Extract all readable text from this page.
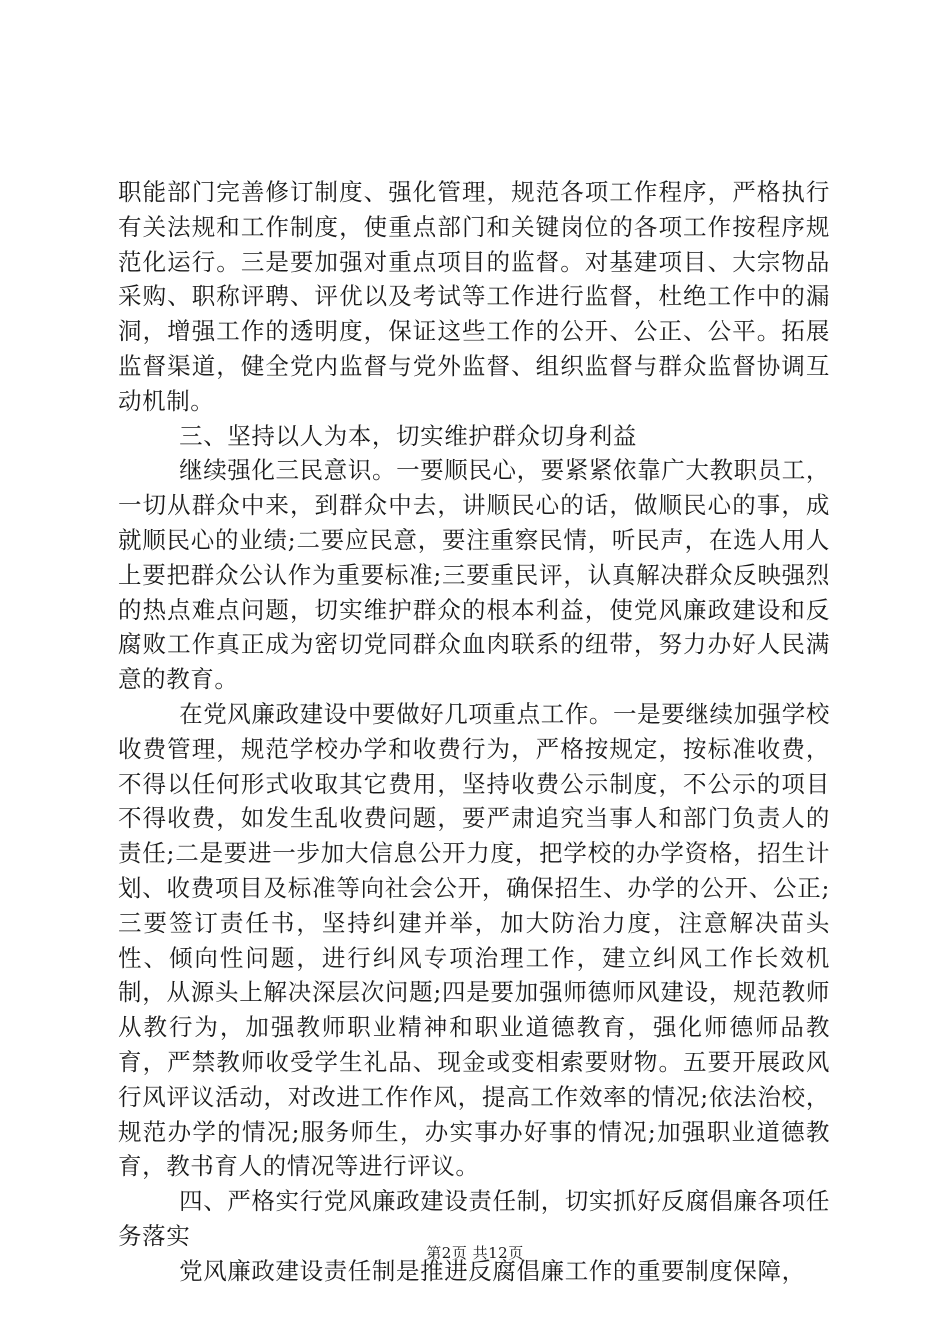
职能部门完善修订制度、强化管理，规范各项工作程序，严格执行有关法规和工作制度，使重点部门和关键岗位的各项工作按程序规范化运行。三是要加强对重点项目的监督。对基建项目、大宗物品采购、职称评聘、评优以及考试等工作进行监督，杜绝工作中的漏洞，增强工作的透明度，保证这些工作的公开、公正、公平。拓展监督渠道，健全党内监督与党外监督、组织监督与群众监督协调互动机制。

三、坚持以人为本，切实维护群众切身利益

继续强化三民意识。一要顺民心，要紧紧依靠广大教职员工，一切从群众中来，到群众中去，讲顺民心的话，做顺民心的事，成就顺民心的业绩;二要应民意，要注重察民情，听民声，在选人用人上要把群众公认作为重要标准;三要重民评，认真解决群众反映强烈的热点难点问题，切实维护群众的根本利益，使党风廉政建设和反腐败工作真正成为密切党同群众血肉联系的纽带，努力办好人民满意的教育。

在党风廉政建设中要做好几项重点工作。一是要继续加强学校收费管理，规范学校办学和收费行为，严格按规定，按标准收费，不得以任何形式收取其它费用，坚持收费公示制度，不公示的项目不得收费，如发生乱收费问题，要严肃追究当事人和部门负责人的责任;二是要进一步加大信息公开力度，把学校的办学资格，招生计划、收费项目及标准等向社会公开，确保招生、办学的公开、公正;三要签订责任书，坚持纠建并举，加大防治力度，注意解决苗头性、倾向性问题，进行纠风专项治理工作，建立纠风工作长效机制，从源头上解决深层次问题;四是要加强师德师风建设，规范教师从教行为，加强教师职业精神和职业道德教育，强化师德师品教育，严禁教师收受学生礼品、现金或变相索要财物。五要开展政风行风评议活动，对改进工作作风，提高工作效率的情况;依法治校，规范办学的情况;服务师生，办实事办好事的情况;加强职业道德教育，教书育人的情况等进行评议。

四、严格实行党风廉政建设责任制，切实抓好反腐倡廉各项任务落实

党风廉政建设责任制是推进反腐倡廉工作的重要制度保障，

第2页 共12页
